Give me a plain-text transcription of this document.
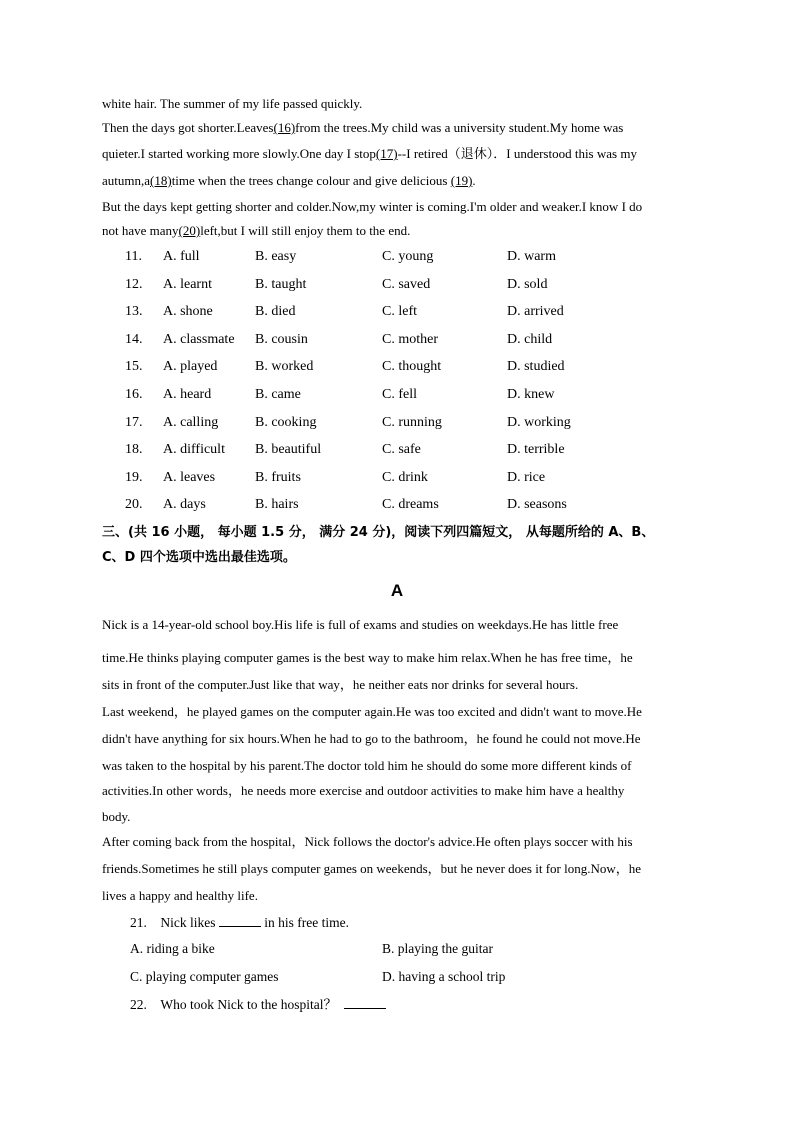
white hair. The summer of my life passed quickly.
Then the days got shorter.Leaves(16)from the trees.My child was a university student.My home was
quieter.I started working more slowly.One day I stop(17)--I retired（退休）．I understood this was my
autumn,a(18)time when the trees change colour and give delicious (19).
But the days kept getting shorter and colder.Now,my winter is coming.I'm older and weaker.I know I do
not have many(20)left,but I will still enjoy them to the end.
11.	A. full	B. easy	C. young	D. warm
12.	A. learnt	B. taught	C. saved	D. sold
13.	A. shone	B. died	C. left	D. arrived
14.	A. classmate B. cousin	C. mother	D. child
15.	A. played	B. worked	C. thought	D. studied
16.	A. heard	B. came	C. fell	D. knew
17.	A. calling	B. cooking	C. running	D. working
18.	A. difficult B. beautiful	C. safe	D. terrible
19.	A. leaves	B. fruits	C. drink	D. rice
20.	A. days	B. hairs	C. dreams	D. seasons
三、(共 16 小题， 每小题 1.5 分， 满分 24 分)，阅读下列四篇短文， 从每题所给的 A、B、
C、D 四个选项中选出最佳选项。
A
Nick is a 14-year-old school boy.His life is full of exams and studies on weekdays.He has little free
time.He thinks playing computer games is the best way to make him relax.When he has free time，he
sits in front of the computer.Just like that way，he neither eats nor drinks for several hours.
Last weekend，he played games on the computer again.He was too excited and didn't want to move.He
didn't have anything for six hours.When he had to go to the bathroom，he found he could not move.He
was taken to the hospital by his parent.The doctor told him he should do some more different kinds of
activities.In other words，he needs more exercise and outdoor activities to make him have a healthy
body.
After coming back from the hospital，Nick follows the doctor's advice.He often plays soccer with his
friends.Sometimes he still plays computer games on weekends，but he never does it for long.Now，he
lives a happy and healthy life.
21. Nick likes	in his free time.
A. riding a bike	B. playing the guitar
C. playing computer games	D. having a school trip
22. Who took Nick to the hospital？
